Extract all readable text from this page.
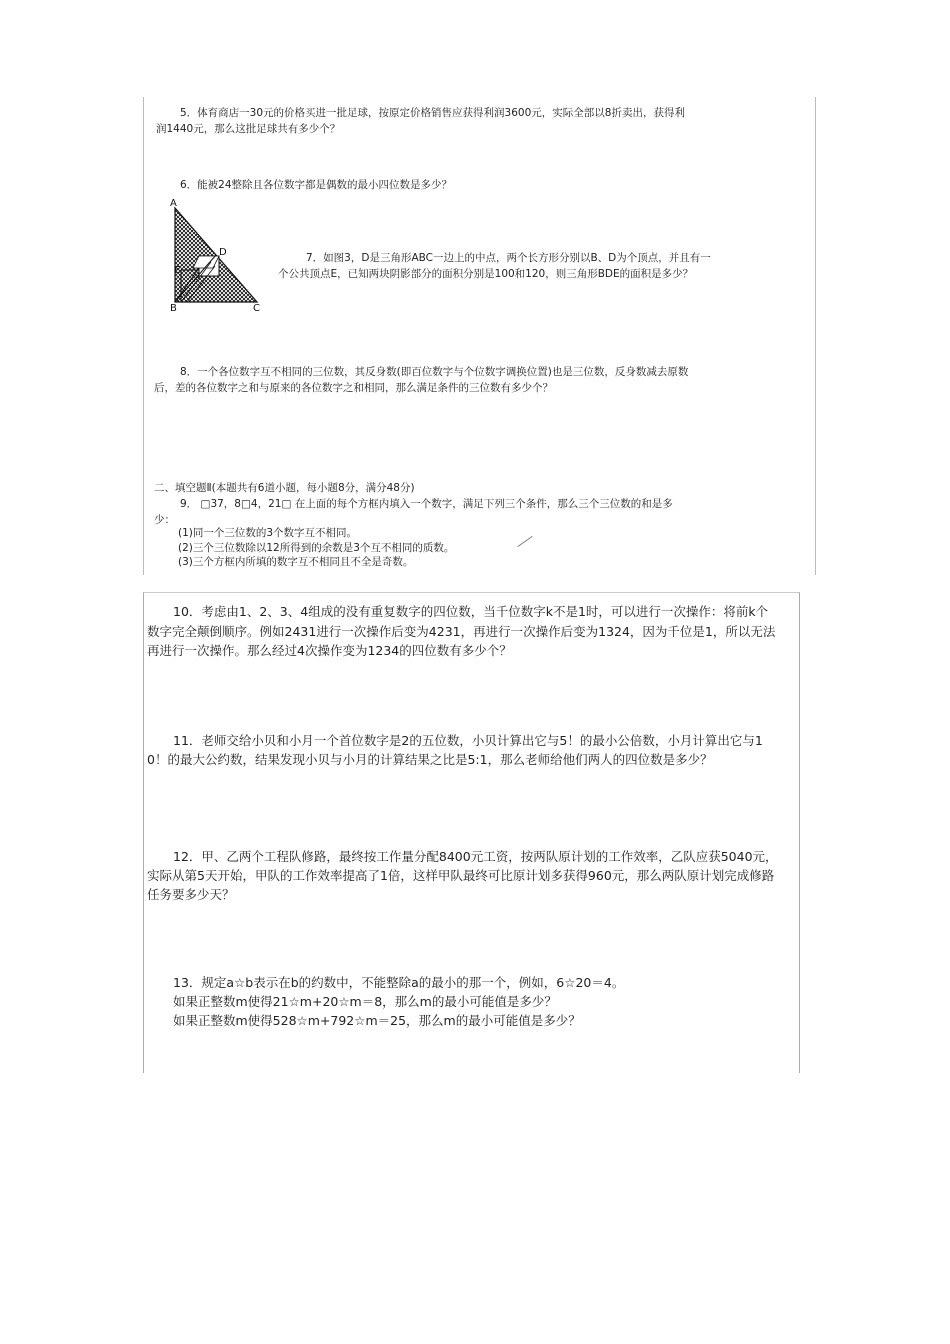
5．体育商店一30元的价格买进一批足球，按原定价格销售应获得利润3600元，实际全部以8折卖出，获得利
润1440元，那么这批足球共有多少个？
6．能被24整除且各位数字都是偶数的最小四位数是多少？
A
D
E
B	C
7．如图3，D是三角形ABC一边上的中点，两个长方形分别以B、D为个顶点，并且有一
个公共顶点E，已知两块阴影部分的面积分别是100和120，则三角形BDE的面积是多少？
8．一个各位数字互不相同的三位数，其反身数(即百位数字与个位数字调换位置)也是三位数，反身数减去原数
后，差的各位数字之和与原来的各位数字之和相同，那么满足条件的三位数有多少个？
二、填空题Ⅱ(本题共有6道小题，每小题8分，满分48分)
9． □37，8□4，21□ 在上面的每个方框内填入一个数字，满足下列三个条件，那么三个三位数的和是多
少：
(1)同一个三位数的3个数字互不相同。
(2)三个三位数除以12所得到的余数是3个互不相同的质数。
(3)三个方框内所填的数字互不相同且不全是奇数。
10．考虑由1、2、3、4组成的没有重复数字的四位数，当千位数字k不是1时，可以进行一次操作：将前k个
数字完全颠倒顺序。例如2431进行一次操作后变为4231，再进行一次操作后变为1324，因为千位是1，所以无法
再进行一次操作。那么经过4次操作变为1234的四位数有多少个？
11．老师交给小贝和小月一个首位数字是2的五位数，小贝计算出它与5！的最小公倍数，小月计算出它与1
0！的最大公约数，结果发现小贝与小月的计算结果之比是5:1，那么老师给他们两人的四位数是多少？
12．甲、乙两个工程队修路，最终按工作量分配8400元工资，按两队原计划的工作效率，乙队应获5040元，
实际从第5天开始，甲队的工作效率提高了1倍，这样甲队最终可比原计划多获得960元，那么两队原计划完成修路
任务要多少天？
13．规定a☆b表示在b的约数中，不能整除a的最小的那一个，例如，6☆20＝4。
如果正整数m使得21☆m+20☆m＝8，那么m的最小可能值是多少？
如果正整数m使得528☆m+792☆m＝25，那么m的最小可能值是多少？
